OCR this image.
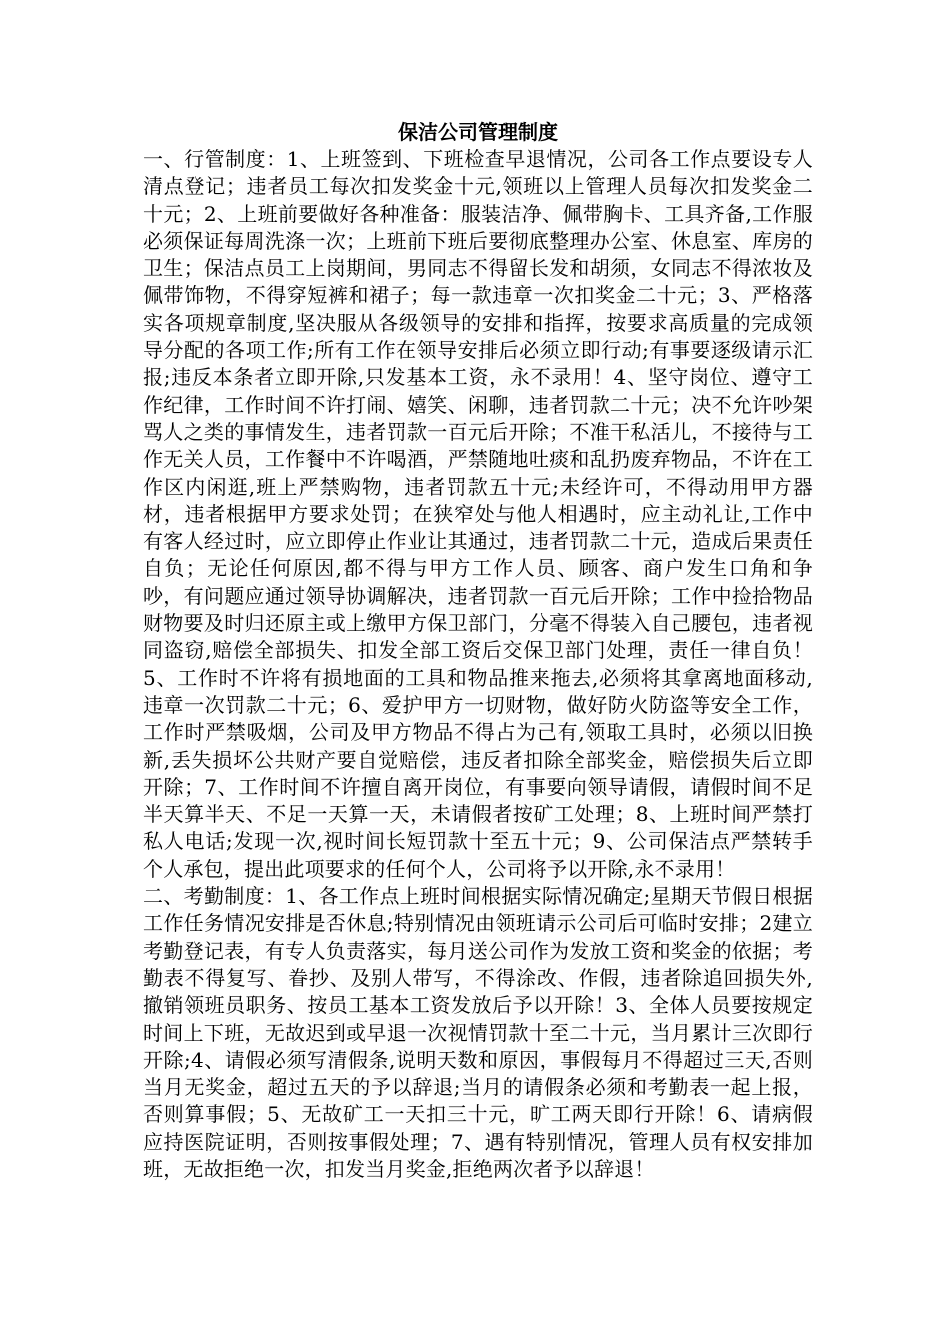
保洁公司管理制度

一、行管制度：1、上班签到、下班检查早退情况，公司各工作点要设专人清点登记；违者员工每次扣发奖金十元,领班以上管理人员每次扣发奖金二十元；2、上班前要做好各种准备：服装洁净、佩带胸卡、工具齐备,工作服必须保证每周洗涤一次；上班前下班后要彻底整理办公室、休息室、库房的卫生；保洁点员工上岗期间，男同志不得留长发和胡须，女同志不得浓妆及佩带饰物，不得穿短裤和裙子；每一款违章一次扣奖金二十元；3、严格落实各项规章制度,坚决服从各级领导的安排和指挥，按要求高质量的完成领导分配的各项工作;所有工作在领导安排后必须立即行动;有事要逐级请示汇报;违反本条者立即开除,只发基本工资，永不录用！4、坚守岗位、遵守工作纪律，工作时间不许打闹、嬉笑、闲聊，违者罚款二十元；决不允许吵架骂人之类的事情发生，违者罚款一百元后开除；不准干私活儿，不接待与工作无关人员，工作餐中不许喝酒，严禁随地吐痰和乱扔废弃物品，不许在工作区内闲逛,班上严禁购物，违者罚款五十元;未经许可，不得动用甲方器材，违者根据甲方要求处罚；在狭窄处与他人相遇时，应主动礼让,工作中有客人经过时，应立即停止作业让其通过，违者罚款二十元，造成后果责任自负；无论任何原因,都不得与甲方工作人员、顾客、商户发生口角和争吵，有问题应通过领导协调解决，违者罚款一百元后开除；工作中捡拾物品财物要及时归还原主或上缴甲方保卫部门，分毫不得装入自己腰包，违者视同盗窃,赔偿全部损失、扣发全部工资后交保卫部门处理，责任一律自负！5、工作时不许将有损地面的工具和物品推来拖去,必须将其拿离地面移动,违章一次罚款二十元；6、爱护甲方一切财物，做好防火防盗等安全工作，工作时严禁吸烟，公司及甲方物品不得占为己有,领取工具时，必须以旧换新,丢失损坏公共财产要自觉赔偿，违反者扣除全部奖金，赔偿损失后立即开除；7、工作时间不许擅自离开岗位，有事要向领导请假，请假时间不足半天算半天、不足一天算一天，未请假者按矿工处理；8、上班时间严禁打私人电话;发现一次,视时间长短罚款十至五十元；9、公司保洁点严禁转手个人承包，提出此项要求的任何个人，公司将予以开除,永不录用！

二、考勤制度：1、各工作点上班时间根据实际情况确定;星期天节假日根据工作任务情况安排是否休息;特别情况由领班请示公司后可临时安排；2建立考勤登记表，有专人负责落实，每月送公司作为发放工资和奖金的依据；考勤表不得复写、眷抄、及别人带写，不得涂改、作假，违者除追回损失外,撤销领班员职务、按员工基本工资发放后予以开除！3、全体人员要按规定时间上下班，无故迟到或早退一次视情罚款十至二十元，当月累计三次即行开除;4、请假必须写清假条,说明天数和原因，事假每月不得超过三天,否则当月无奖金，超过五天的予以辞退;当月的请假条必须和考勤表一起上报，否则算事假；5、无故矿工一天扣三十元，旷工两天即行开除！6、请病假应持医院证明，否则按事假处理；7、遇有特别情况，管理人员有权安排加班，无故拒绝一次，扣发当月奖金,拒绝两次者予以辞退！
